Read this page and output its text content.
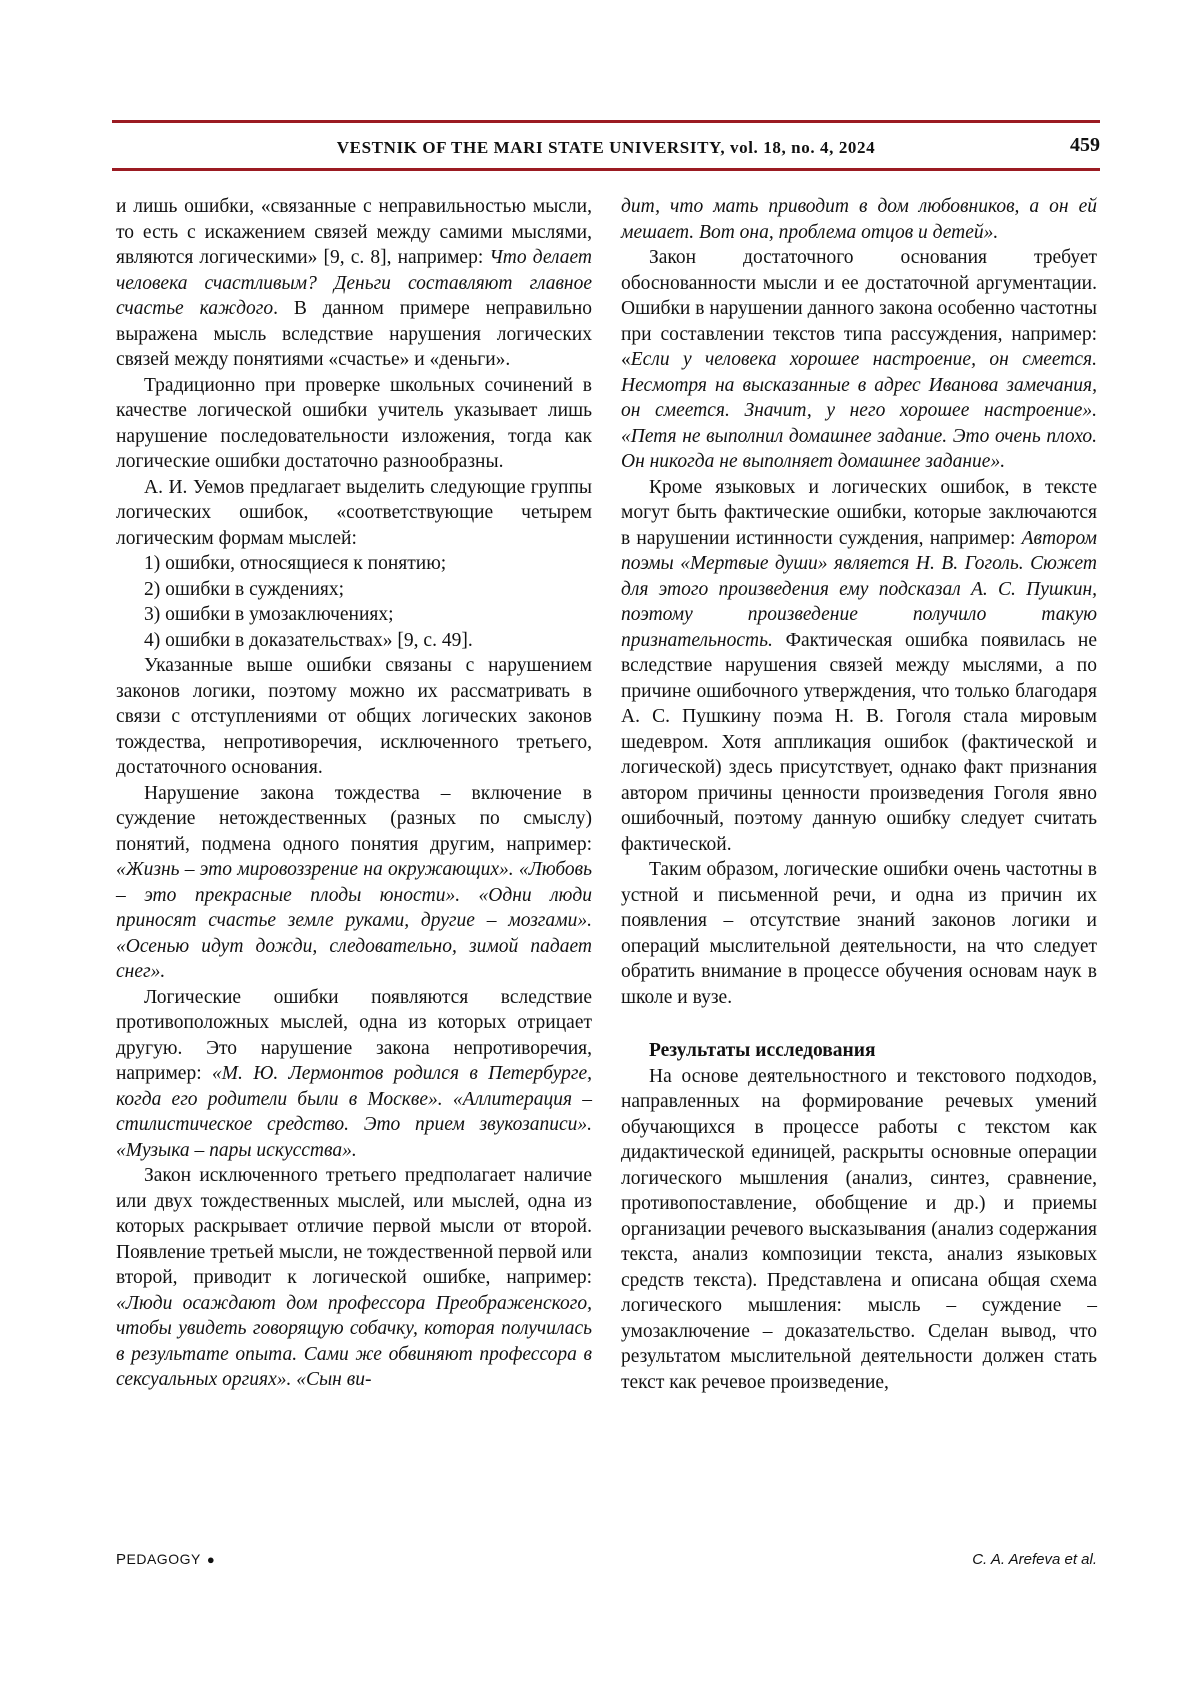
VESTNIK OF THE MARI STATE UNIVERSITY, vol. 18, no. 4, 2024	459

и лишь ошибки, «связанные с неправильностью мысли, то есть с искажением связей между самими мыслями, являются логическими» [9, с. 8], например: Что делает человека счастливым? Деньги составляют главное счастье каждого. В данном примере неправильно выражена мысль вследствие нарушения логических связей между понятиями «счастье» и «деньги».

Традиционно при проверке школьных сочинений в качестве логической ошибки учитель указывает лишь нарушение последовательности изложения, тогда как логические ошибки достаточно разнообразны.

А. И. Уемов предлагает выделить следующие группы логических ошибок, «соответствующие четырем логическим формам мыслей:

1) ошибки, относящиеся к понятию;
2) ошибки в суждениях;
3) ошибки в умозаключениях;
4) ошибки в доказательствах» [9, с. 49].

Указанные выше ошибки связаны с нарушением законов логики, поэтому можно их рассматривать в связи с отступлениями от общих логических законов тождества, непротиворечия, исключенного третьего, достаточного основания.

Нарушение закона тождества – включение в суждение нетождественных (разных по смыслу) понятий, подмена одного понятия другим, например: «Жизнь – это мировоззрение на окружающих». «Любовь – это прекрасные плоды юности». «Одни люди приносят счастье земле руками, другие – мозгами». «Осенью идут дожди, следовательно, зимой падает снег».

Логические ошибки появляются вследствие противоположных мыслей, одна из которых отрицает другую. Это нарушение закона непротиворечия, например: «М. Ю. Лермонтов родился в Петербурге, когда его родители были в Москве». «Аллитерация – стилистическое средство. Это прием звукозаписи». «Музыка – пары искусства».

Закон исключенного третьего предполагает наличие или двух тождественных мыслей, или мыслей, одна из которых раскрывает отличие первой мысли от второй. Появление третьей мысли, не тождественной первой или второй, приводит к логической ошибке, например: «Люди осаждают дом профессора Преображенского, чтобы увидеть говорящую собачку, которая получилась в результате опыта. Сами же обвиняют профессора в сексуальных оргиях». «Сын ви-

дит, что мать приводит в дом любовников, а он ей мешает. Вот она, проблема отцов и детей».

Закон достаточного основания требует обоснованности мысли и ее достаточной аргументации. Ошибки в нарушении данного закона особенно частотны при составлении текстов типа рассуждения, например: «Если у человека хорошее настроение, он смеется. Несмотря на высказанные в адрес Иванова замечания, он смеется. Значит, у него хорошее настроение». «Петя не выполнил домашнее задание. Это очень плохо. Он никогда не выполняет домашнее задание».

Кроме языковых и логических ошибок, в тексте могут быть фактические ошибки, которые заключаются в нарушении истинности суждения, например: Автором поэмы «Мертвые души» является Н. В. Гоголь. Сюжет для этого произведения ему подсказал А. С. Пушкин, поэтому произведение получило такую признательность. Фактическая ошибка появилась не вследствие нарушения связей между мыслями, а по причине ошибочного утверждения, что только благодаря А. С. Пушкину поэма Н. В. Гоголя стала мировым шедевром. Хотя аппликация ошибок (фактической и логической) здесь присутствует, однако факт признания автором причины ценности произведения Гоголя явно ошибочный, поэтому данную ошибку следует считать фактической.

Таким образом, логические ошибки очень частотны в устной и письменной речи, и одна из причин их появления – отсутствие знаний законов логики и операций мыслительной деятельности, на что следует обратить внимание в процессе обучения основам наук в школе и вузе.

Результаты исследования

На основе деятельностного и текстового подходов, направленных на формирование речевых умений обучающихся в процессе работы с текстом как дидактической единицей, раскрыты основные операции логического мышления (анализ, синтез, сравнение, противопоставление, обобщение и др.) и приемы организации речевого высказывания (анализ содержания текста, анализ композиции текста, анализ языковых средств текста). Представлена и описана общая схема логического мышления: мысль – суждение – умозаключение – доказательство. Сделан вывод, что результатом мыслительной деятельности должен стать текст как речевое произведение,

PEDAGOGY ●	C. A. Arefeva et al.
